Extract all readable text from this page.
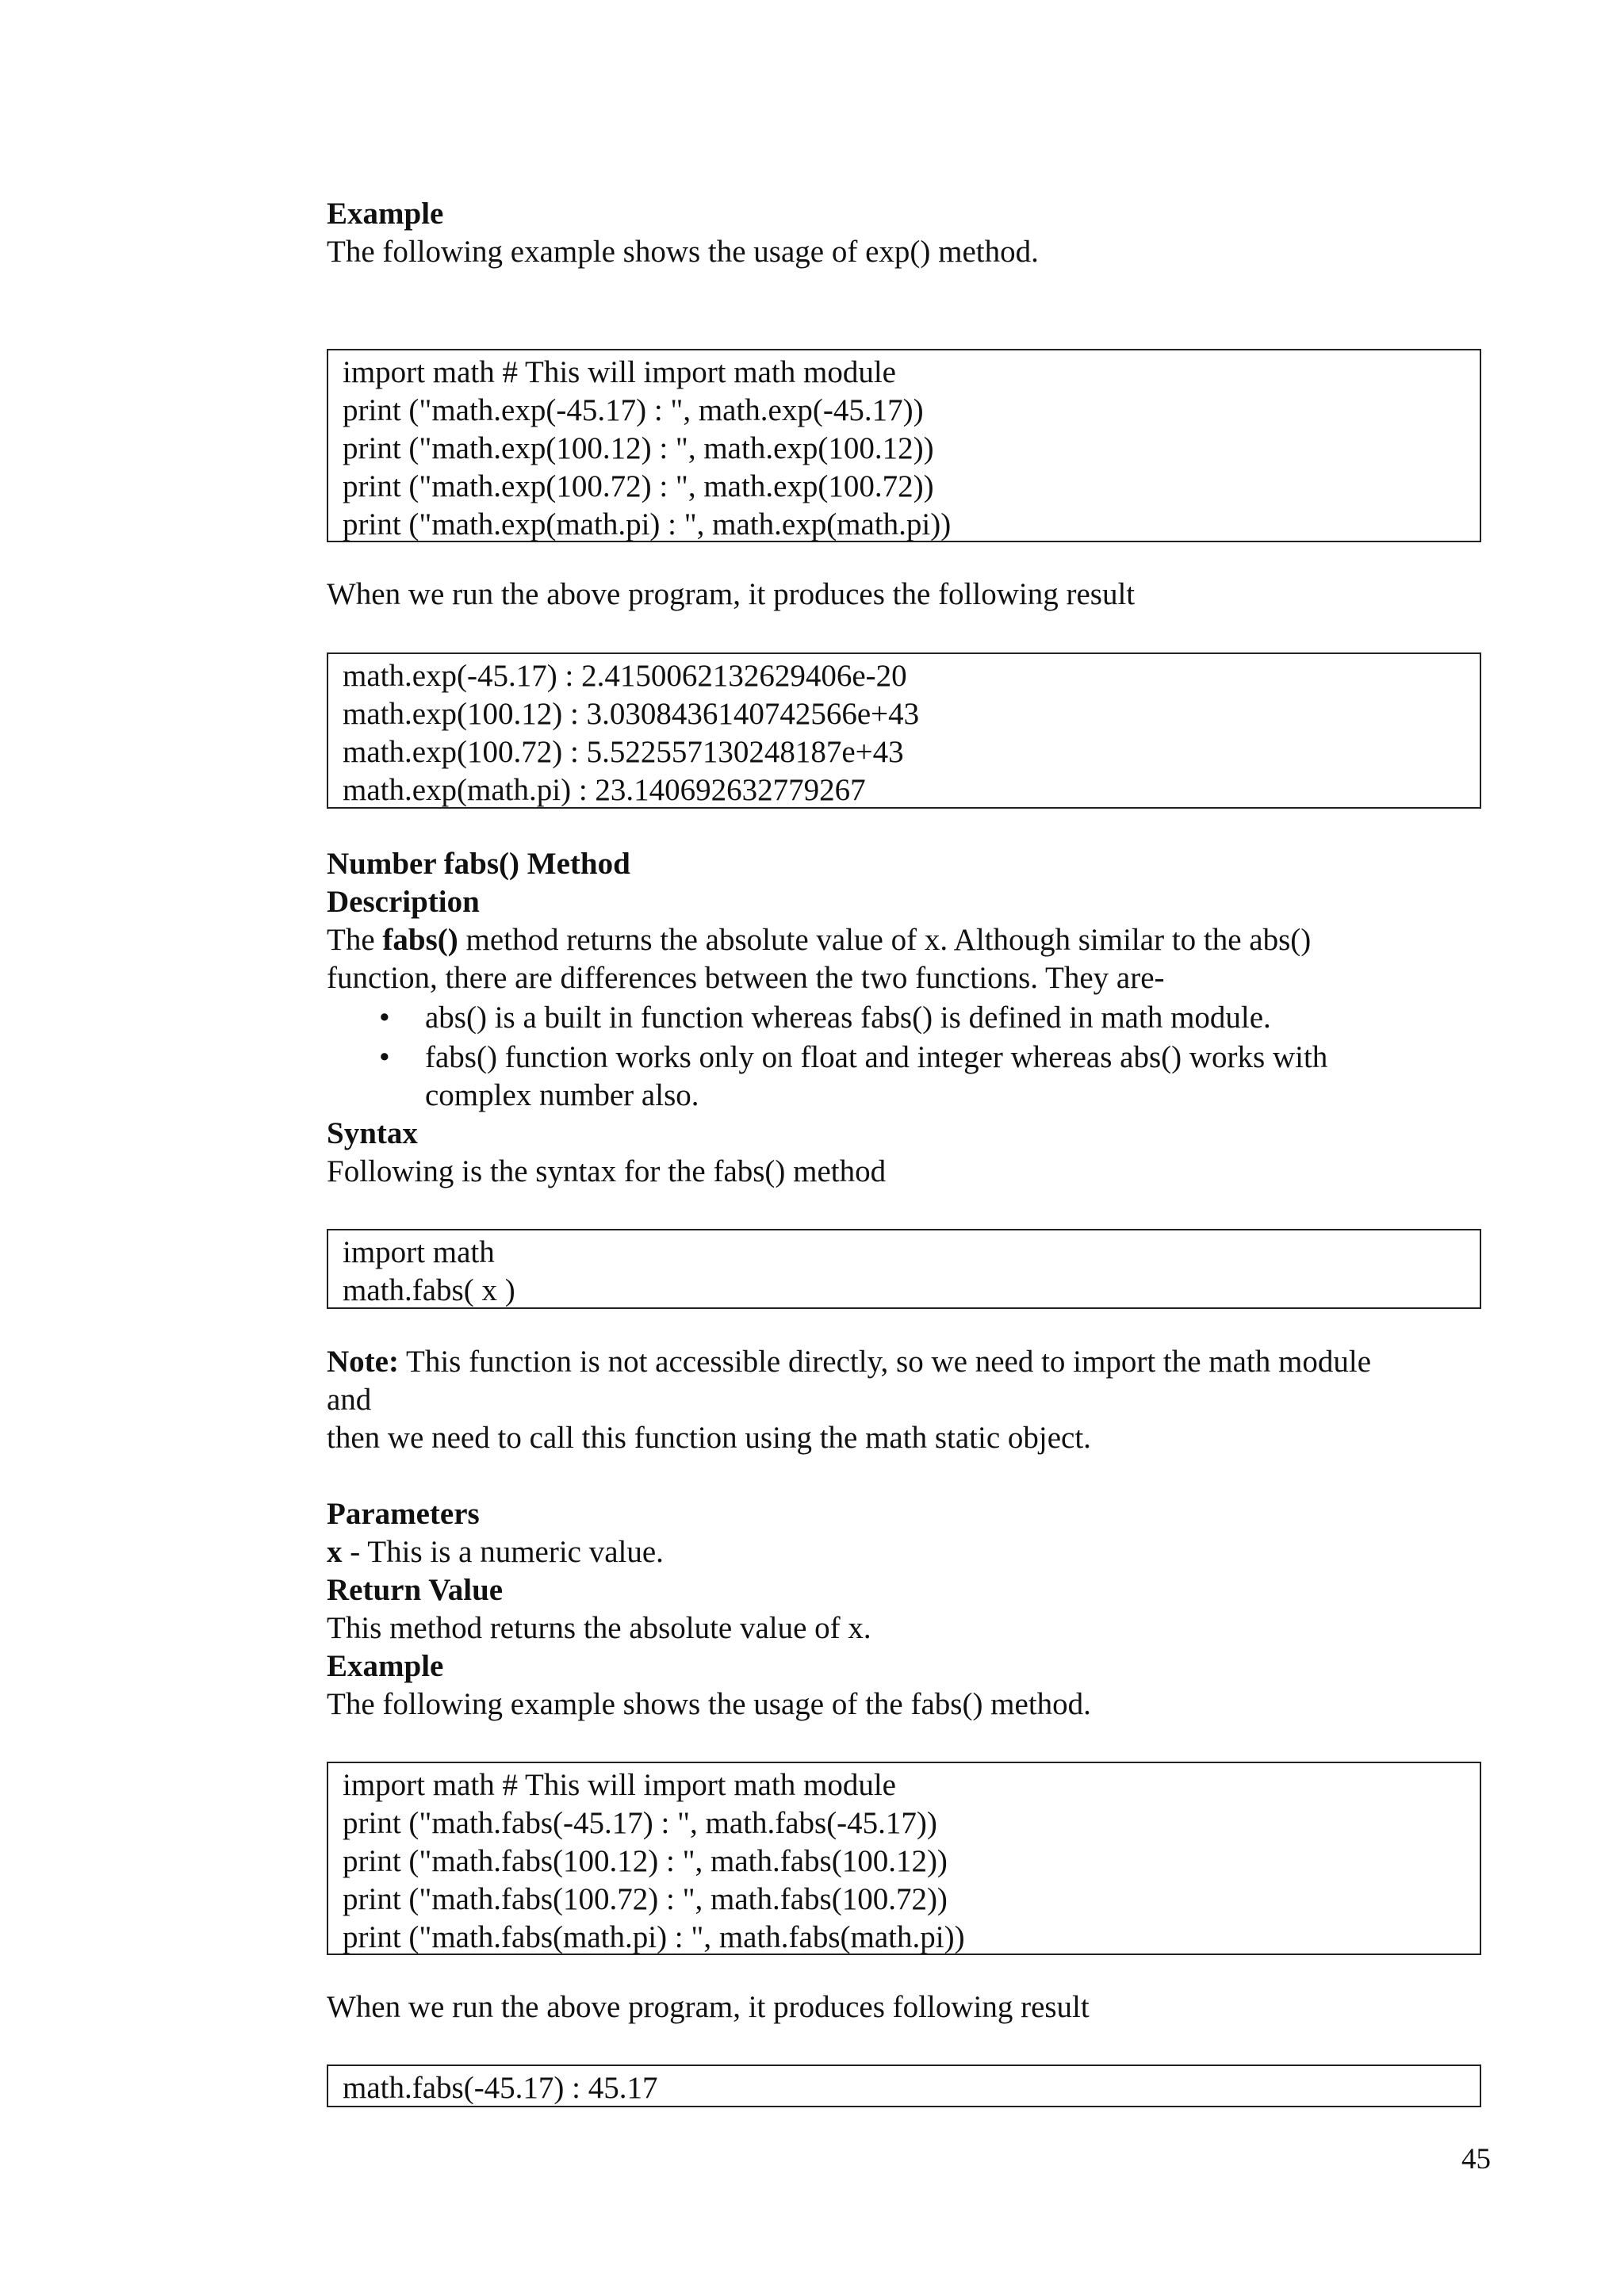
Example
The following example shows the usage of exp() method.
import math # This will import math module
print ("math.exp(-45.17) : ", math.exp(-45.17))
print ("math.exp(100.12) : ", math.exp(100.12))
print ("math.exp(100.72) : ", math.exp(100.72))
print ("math.exp(math.pi) : ", math.exp(math.pi))
When we run the above program, it produces the following result
math.exp(-45.17) : 2.4150062132629406e-20
math.exp(100.12) : 3.0308436140742566e+43
math.exp(100.72) : 5.522557130248187e+43
math.exp(math.pi) : 23.140692632779267
Number fabs() Method
Description
The fabs() method returns the absolute value of x. Although similar to the abs()
function, there are differences between the two functions. They are-
• abs() is a built in function whereas fabs() is defined in math module.
• fabs() function works only on float and integer whereas abs() works with
complex number also.
Syntax
Following is the syntax for the fabs() method
import math
math.fabs( x )
Note: This function is not accessible directly, so we need to import the math module
and
then we need to call this function using the math static object.
Parameters
x - This is a numeric value.
Return Value
This method returns the absolute value of x.
Example
The following example shows the usage of the fabs() method.
import math # This will import math module
print ("math.fabs(-45.17) : ", math.fabs(-45.17))
print ("math.fabs(100.12) : ", math.fabs(100.12))
print ("math.fabs(100.72) : ", math.fabs(100.72))
print ("math.fabs(math.pi) : ", math.fabs(math.pi))
When we run the above program, it produces following result
math.fabs(-45.17) : 45.17
45
